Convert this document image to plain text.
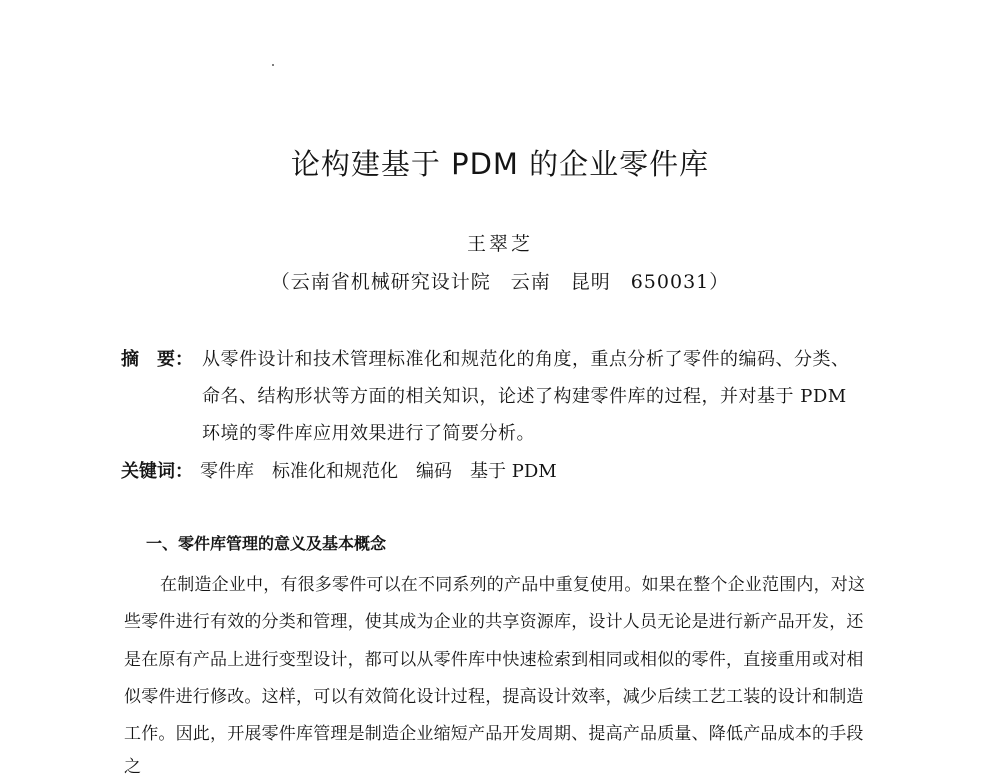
论构建基于 PDM 的企业零件库
王翠芝
（云南省机械研究设计院　云南　昆明　650031）
摘　要： 从零件设计和技术管理标准化和规范化的角度，重点分析了零件的编码、分类、
命名、结构形状等方面的相关知识，论述了构建零件库的过程，并对基于 PDM
环境的零件库应用效果进行了简要分析。
关键词： 零件库　标准化和规范化　编码　基于 PDM
一、零件库管理的意义及基本概念
在制造企业中，有很多零件可以在不同系列的产品中重复使用。如果在整个企业范围内，对这
些零件进行有效的分类和管理，使其成为企业的共享资源库，设计人员无论是进行新产品开发，还
是在原有产品上进行变型设计，都可以从零件库中快速检索到相同或相似的零件，直接重用或对相
似零件进行修改。这样，可以有效简化设计过程，提高设计效率，减少后续工艺工装的设计和制造
工作。因此，开展零件库管理是制造企业缩短产品开发周期、提高产品质量、降低产品成本的手段
之
